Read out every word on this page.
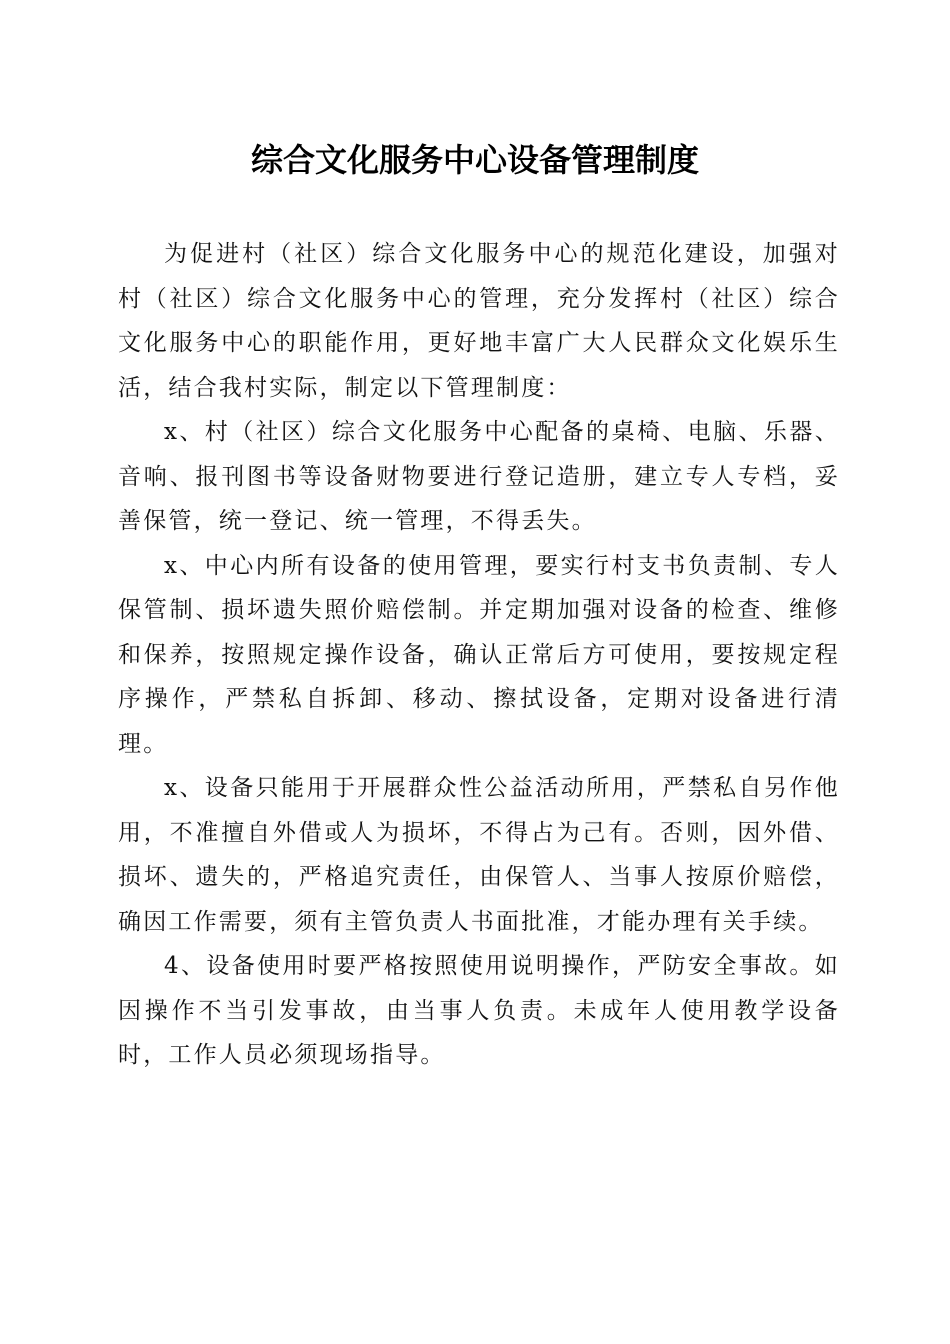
综合文化服务中心设备管理制度

为促进村（社区）综合文化服务中心的规范化建设，加强对村（社区）综合文化服务中心的管理，充分发挥村（社区）综合文化服务中心的职能作用，更好地丰富广大人民群众文化娱乐生活，结合我村实际，制定以下管理制度：

x、村（社区）综合文化服务中心配备的桌椅、电脑、乐器、音响、报刊图书等设备财物要进行登记造册，建立专人专档，妥善保管，统一登记、统一管理，不得丢失。

x、中心内所有设备的使用管理，要实行村支书负责制、专人保管制、损坏遗失照价赔偿制。并定期加强对设备的检查、维修和保养，按照规定操作设备，确认正常后方可使用，要按规定程序操作，严禁私自拆卸、移动、擦拭设备，定期对设备进行清理。

x、设备只能用于开展群众性公益活动所用，严禁私自另作他用，不准擅自外借或人为损坏，不得占为己有。否则，因外借、损坏、遗失的，严格追究责任，由保管人、当事人按原价赔偿，确因工作需要，须有主管负责人书面批准，才能办理有关手续。

4、设备使用时要严格按照使用说明操作，严防安全事故。如因操作不当引发事故，由当事人负责。未成年人使用教学设备时，工作人员必须现场指导。
